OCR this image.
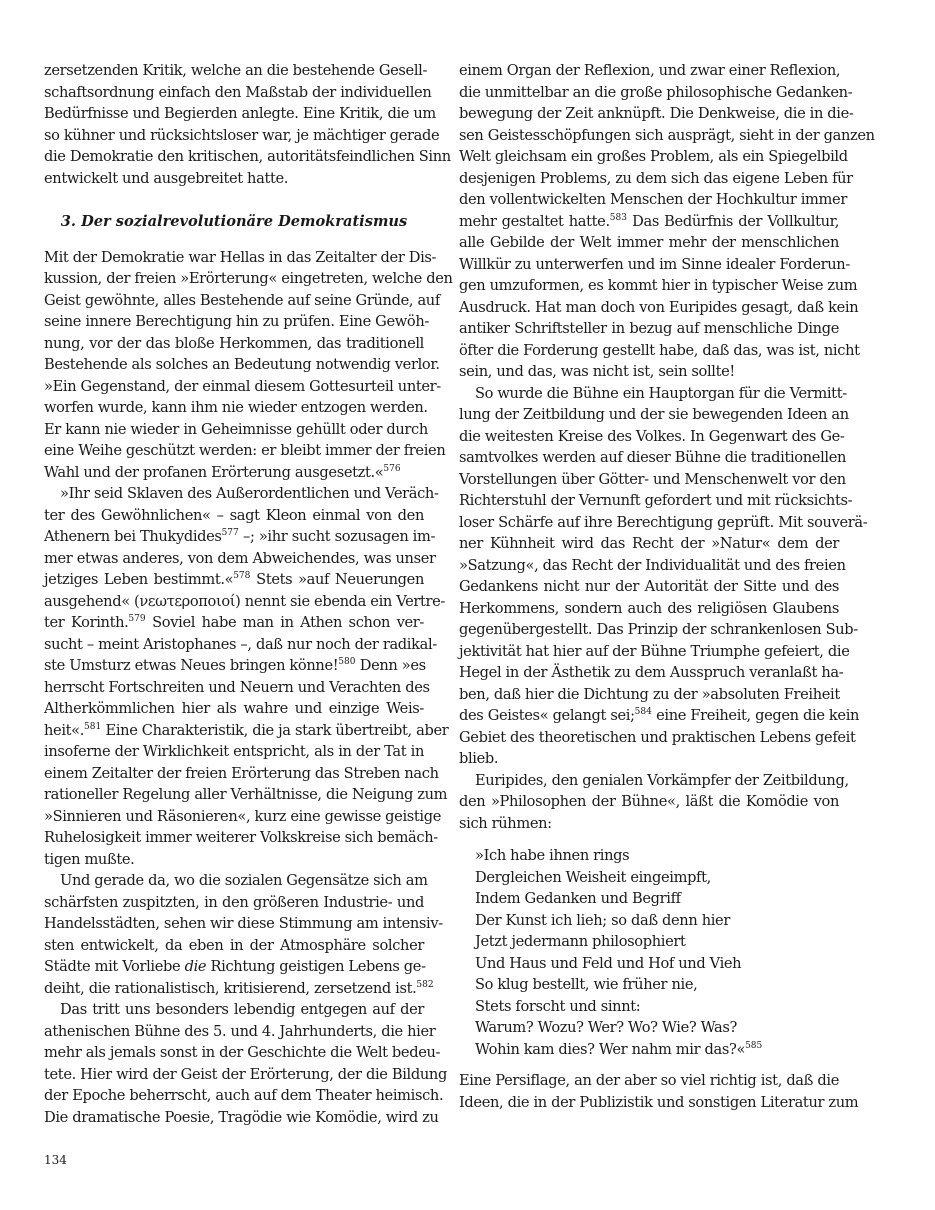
zersetzenden Kritik, welche an die bestehende Gesell-
schaftsordnung einfach den Maßstab der individuellen
Bedürfnisse und Begierden anlegte. Eine Kritik, die um
so kühner und rücksichtsloser war, je mächtiger gerade
die Demokratie den kritischen, autoritätsfeindlichen Sinn
entwickelt und ausgebreitet hatte.
3. Der sozialrevolutionäre Demokratismus
Mit der Demokratie war Hellas in das Zeitalter der Dis-
kussion, der freien »Erörterung« eingetreten, welche den
Geist gewöhnte, alles Bestehende auf seine Gründe, auf
seine innere Berechtigung hin zu prüfen. Eine Gewöh-
nung, vor der das bloße Herkommen, das traditionell
Bestehende als solches an Bedeutung notwendig verlor.
»Ein Gegenstand, der einmal diesem Gottesurteil unter-
worfen wurde, kann ihm nie wieder entzogen werden.
Er kann nie wieder in Geheimnisse gehüllt oder durch
eine Weihe geschützt werden: er bleibt immer der freien
Wahl und der profanen Erörterung ausgesetzt.«$^{576}$
»Ihr seid Sklaven des Außerordentlichen und Veräch-
ter des Gewöhnlichen« – sagt Kleon einmal von den
Athenern bei Thukydides$^{577}$ –; »ihr sucht sozusagen im-
mer etwas anderes, von dem Abweichendes, was unser
jetziges Leben bestimmt.«$^{578}$ Stets »auf Neuerungen
ausgehend« (νεωτεροποιοί) nennt sie ebenda ein Vertre-
ter Korinth.$^{579}$ Soviel habe man in Athen schon ver-
sucht – meint Aristophanes –, daß nur noch der radikal-
ste Umsturz etwas Neues bringen könne!$^{580}$ Denn »es
herrscht Fortschreiten und Neuern und Verachten des
Altherkömmlichen hier als wahre und einzige Weis-
heit«.$^{581}$ Eine Charakteristik, die ja stark übertreibt, aber
insoferne der Wirklichkeit entspricht, als in der Tat in
einem Zeitalter der freien Erörterung das Streben nach
rationeller Regelung aller Verhältnisse, die Neigung zum
»Sinnieren und Räsonieren«, kurz eine gewisse geistige
Ruhelosigkeit immer weiterer Volkskreise sich bemäch-
tigen mußte.
Und gerade da, wo die sozialen Gegensätze sich am
schärfsten zuspitzten, in den größeren Industrie- und
Handelsstädten, sehen wir diese Stimmung am intensiv-
sten entwickelt, da eben in der Atmosphäre solcher
Städte mit Vorliebe die Richtung geistigen Lebens ge-
deiht, die rationalistisch, kritisierend, zersetzend ist.$^{582}$
Das tritt uns besonders lebendig entgegen auf der
athenischen Bühne des 5. und 4. Jahrhunderts, die hier
mehr als jemals sonst in der Geschichte die Welt bedeu-
tete. Hier wird der Geist der Erörterung, der die Bildung
der Epoche beherrscht, auch auf dem Theater heimisch.
Die dramatische Poesie, Tragödie wie Komödie, wird zu
einem Organ der Reflexion, und zwar einer Reflexion,
die unmittelbar an die große philosophische Gedanken-
bewegung der Zeit anknüpft. Die Denkweise, die in die-
sen Geistesschöpfungen sich ausprägt, sieht in der ganzen
Welt gleichsam ein großes Problem, als ein Spiegelbild
desjenigen Problems, zu dem sich das eigene Leben für
den vollentwickelten Menschen der Hochkultur immer
mehr gestaltet hatte.$^{583}$ Das Bedürfnis der Vollkultur,
alle Gebilde der Welt immer mehr der menschlichen
Willkür zu unterwerfen und im Sinne idealer Forderun-
gen umzuformen, es kommt hier in typischer Weise zum
Ausdruck. Hat man doch von Euripides gesagt, daß kein
antiker Schriftsteller in bezug auf menschliche Dinge
öfter die Forderung gestellt habe, daß das, was ist, nicht
sein, und das, was nicht ist, sein sollte!
So wurde die Bühne ein Hauptorgan für die Vermitt-
lung der Zeitbildung und der sie bewegenden Ideen an
die weitesten Kreise des Volkes. In Gegenwart des Ge-
samtvolkes werden auf dieser Bühne die traditionellen
Vorstellungen über Götter- und Menschenwelt vor den
Richterstuhl der Vernunft gefordert und mit rücksichts-
loser Schärfe auf ihre Berechtigung geprüft. Mit souverä-
ner Kühnheit wird das Recht der »Natur« dem der
»Satzung«, das Recht der Individualität und des freien
Gedankens nicht nur der Autorität der Sitte und des
Herkommens, sondern auch des religiösen Glaubens
gegenübergestellt. Das Prinzip der schrankenlosen Sub-
jektivität hat hier auf der Bühne Triumphe gefeiert, die
Hegel in der Ästhetik zu dem Ausspruch veranlaßt ha-
ben, daß hier die Dichtung zu der »absoluten Freiheit
des Geistes« gelangt sei;$^{584}$ eine Freiheit, gegen die kein
Gebiet des theoretischen und praktischen Lebens gefeit
blieb.
Euripides, den genialen Vorkämpfer der Zeitbildung,
den »Philosophen der Bühne«, läßt die Komödie von
sich rühmen:
»Ich habe ihnen rings
Dergleichen Weisheit eingeimpft,
Indem Gedanken und Begriff
Der Kunst ich lieh; so daß denn hier
Jetzt jedermann philosophiert
Und Haus und Feld und Hof und Vieh
So klug bestellt, wie früher nie,
Stets forscht und sinnt:
Warum? Wozu? Wer? Wo? Wie? Was?
Wohin kam dies? Wer nahm mir das?«$^{585}$
Eine Persiflage, an der aber so viel richtig ist, daß die
Ideen, die in der Publizistik und sonstigen Literatur zum
134
